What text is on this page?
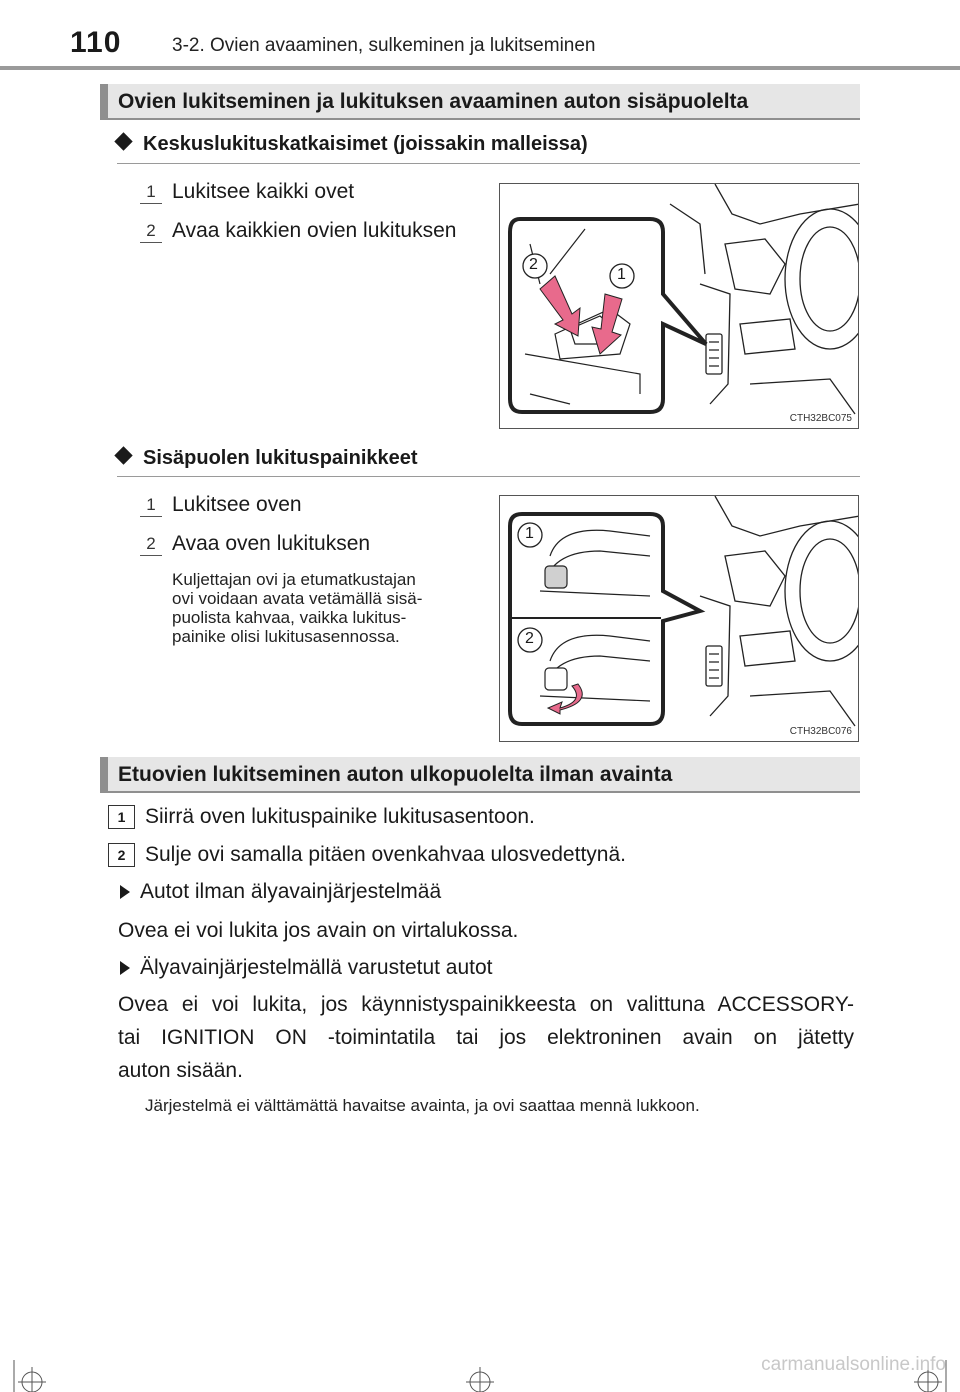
110	3-2. Ovien avaaminen, sulkeminen ja lukitseminen
Ovien lukitseminen ja lukituksen avaaminen auton sisäpuolelta
Keskuslukituskatkaisimet (joissakin malleissa)
1 Lukitsee kaikki ovet
2 Avaa kaikkien ovien lukituksen
2
1
CTH32BC075
Sisäpuolen lukituspainikkeet
1 Lukitsee oven
2 Avaa oven lukituksen
Kuljettajan ovi ja etumatkustajan
ovi voidaan avata vetämällä sisä-
puolista kahvaa, vaikka lukitus-
painike olisi lukitusasennossa.
1
2
CTH32BC076
Etuovien lukitseminen auton ulkopuolelta ilman avainta
1 Siirrä oven lukituspainike lukitusasentoon.
2 Sulje ovi samalla pitäen ovenkahvaa ulosvedettynä.
Autot ilman älyavainjärjestelmää
Ovea ei voi lukita jos avain on virtalukossa.
Älyavainjärjestelmällä varustetut autot
Ovea ei voi lukita, jos käynnistyspainikkeesta on valittuna ACCESSORY-
tai IGNITION ON -toimintatila tai jos elektroninen avain on jätetty
auton sisään.
Järjestelmä ei välttämättä havaitse avainta, ja ovi saattaa mennä lukkoon.
carmanualsonline.info
